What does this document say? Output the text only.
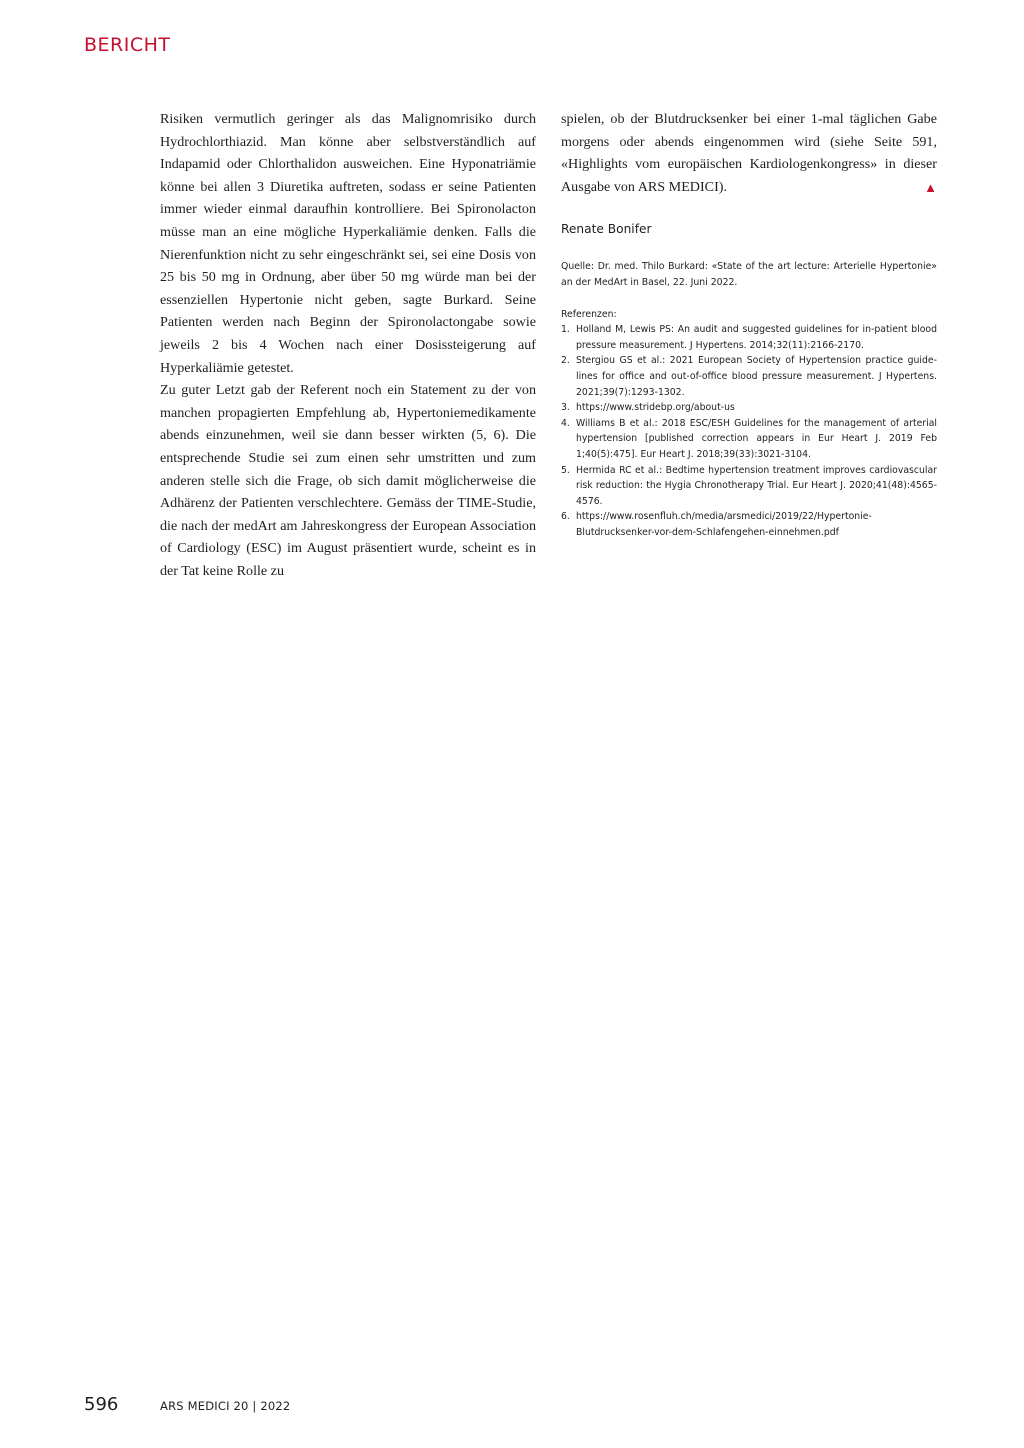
BERICHT

Risiken vermutlich geringer als das Malignomrisiko durch Hydrochlorthiazid. Man könne aber selbstverständlich auf Indapamid oder Chlorthalidon ausweichen. Eine Hyponatriämie könne bei allen 3 Diuretika auftreten, sodass er seine Patienten immer wieder einmal daraufhin kontrolliere. Bei Spironolacton müsse man an eine mögliche Hyperkaliämie denken. Falls die Nierenfunktion nicht zu sehr eingeschränkt sei, sei eine Dosis von 25 bis 50 mg in Ordnung, aber über 50 mg würde man bei der essenziellen Hypertonie nicht geben, sagte Burkard. Seine Patienten werden nach Beginn der Spironolactongabe sowie jeweils 2 bis 4 Wochen nach einer Dosissteigerung auf Hyperkaliämie getestet.

Zu guter Letzt gab der Referent noch ein Statement zu der von manchen propagierten Empfehlung ab, Hypertoniemedikamente abends einzunehmen, weil sie dann besser wirkten (5, 6). Die entsprechende Studie sei zum einen sehr umstritten und zum anderen stelle sich die Frage, ob sich damit möglicherweise die Adhärenz der Patienten verschlechtere. Gemäss der TIME-Studie, die nach der medArt am Jahreskongress der European Association of Cardiology (ESC) im August präsentiert wurde, scheint es in der Tat keine Rolle zu

spielen, ob der Blutdrucksenker bei einer 1-mal täglichen Gabe morgens oder abends eingenommen wird (siehe Seite 591, «Highlights vom europäischen Kardiologenkongress» in dieser Ausgabe von ARS MEDICI).	▲

Renate Bonifer
Quelle: Dr. med. Thilo Burkard: «State of the art lecture: Arterielle Hypertonie» an der MedArt in Basel, 22. Juni 2022.
Referenzen:
1. Holland M, Lewis PS: An audit and suggested guidelines for in-patient blood pressure measurement. J Hypertens. 2014;32(11):2166-2170.
2. Stergiou GS et al.: 2021 European Society of Hypertension practice guidelines for office and out-of-office blood pressure measurement. J Hypertens. 2021;39(7):1293-1302.
3. https://www.stridebp.org/about-us
4. Williams B et al.: 2018 ESC/ESH Guidelines for the management of arterial hypertension [published correction appears in Eur Heart J. 2019 Feb 1;40(5):475]. Eur Heart J. 2018;39(33):3021-3104.
5. Hermida RC et al.: Bedtime hypertension treatment improves cardiovascular risk reduction: the Hygia Chronotherapy Trial. Eur Heart J. 2020;41(48):4565-4576.
6. https://www.rosenfluh.ch/media/arsmedici/2019/22/Hypertonie-Blutdrucksenker-vor-dem-Schlafengehen-einnehmen.pdf
596	ARS MEDICI 20 | 2022
